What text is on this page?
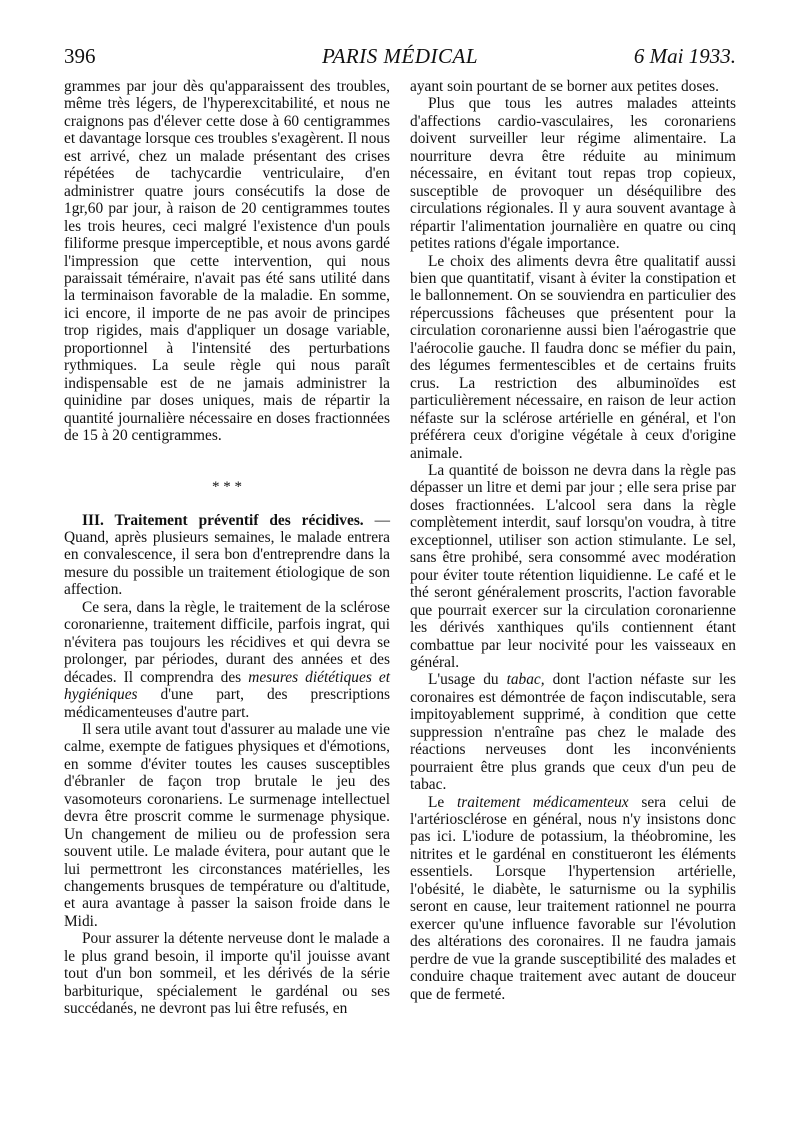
396	PARIS MÉDICAL	6 Mai 1933.

grammes par jour dès qu'apparaissent des troubles, même très légers, de l'hyperexcitabilité, et nous ne craignons pas d'élever cette dose à 60 centigrammes et davantage lorsque ces troubles s'exagèrent. Il nous est arrivé, chez un malade présentant des crises répétées de tachycardie ventriculaire, d'en administrer quatre jours consécutifs la dose de 1gr,60 par jour, à raison de 20 centigrammes toutes les trois heures, ceci malgré l'existence d'un pouls filiforme presque imperceptible, et nous avons gardé l'impression que cette intervention, qui nous paraissait téméraire, n'avait pas été sans utilité dans la terminaison favorable de la maladie. En somme, ici encore, il importe de ne pas avoir de principes trop rigides, mais d'appliquer un dosage variable, proportionnel à l'intensité des perturbations rythmiques. La seule règle qui nous paraît indispensable est de ne jamais administrer la quinidine par doses uniques, mais de répartir la quantité journalière nécessaire en doses fractionnées de 15 à 20 centigrammes.

* * *

III. Traitement préventif des récidives. — Quand, après plusieurs semaines, le malade entrera en convalescence, il sera bon d'entreprendre dans la mesure du possible un traitement étiologique de son affection.

Ce sera, dans la règle, le traitement de la sclérose coronarienne, traitement difficile, parfois ingrat, qui n'évitera pas toujours les récidives et qui devra se prolonger, par périodes, durant des années et des décades. Il comprendra des mesures diététiques et hygiéniques d'une part, des prescriptions médicamenteuses d'autre part.

Il sera utile avant tout d'assurer au malade une vie calme, exempte de fatigues physiques et d'émotions, en somme d'éviter toutes les causes susceptibles d'ébranler de façon trop brutale le jeu des vasomoteurs coronariens. Le surmenage intellectuel devra être proscrit comme le surmenage physique. Un changement de milieu ou de profession sera souvent utile. Le malade évitera, pour autant que le lui permettront les circonstances matérielles, les changements brusques de température ou d'altitude, et aura avantage à passer la saison froide dans le Midi.

Pour assurer la détente nerveuse dont le malade a le plus grand besoin, il importe qu'il jouisse avant tout d'un bon sommeil, et les dérivés de la série barbiturique, spécialement le gardénal ou ses succédanés, ne devront pas lui être refusés, en

ayant soin pourtant de se borner aux petites doses.

Plus que tous les autres malades atteints d'affections cardio-vasculaires, les coronariens doivent surveiller leur régime alimentaire. La nourriture devra être réduite au minimum nécessaire, en évitant tout repas trop copieux, susceptible de provoquer un déséquilibre des circulations régionales. Il y aura souvent avantage à répartir l'alimentation journalière en quatre ou cinq petites rations d'égale importance.

Le choix des aliments devra être qualitatif aussi bien que quantitatif, visant à éviter la constipation et le ballonnement. On se souviendra en particulier des répercussions fâcheuses que présentent pour la circulation coronarienne aussi bien l'aérogastrie que l'aérocolie gauche. Il faudra donc se méfier du pain, des légumes fermentescibles et de certains fruits crus. La restriction des albuminoïdes est particulièrement nécessaire, en raison de leur action néfaste sur la sclérose artérielle en général, et l'on préférera ceux d'origine végétale à ceux d'origine animale.

La quantité de boisson ne devra dans la règle pas dépasser un litre et demi par jour ; elle sera prise par doses fractionnées. L'alcool sera dans la règle complètement interdit, sauf lorsqu'on voudra, à titre exceptionnel, utiliser son action stimulante. Le sel, sans être prohibé, sera consommé avec modération pour éviter toute rétention liquidienne. Le café et le thé seront généralement proscrits, l'action favorable que pourrait exercer sur la circulation coronarienne les dérivés xanthiques qu'ils contiennent étant combattue par leur nocivité pour les vaisseaux en général.

L'usage du tabac, dont l'action néfaste sur les coronaires est démontrée de façon indiscutable, sera impitoyablement supprimé, à condition que cette suppression n'entraîne pas chez le malade des réactions nerveuses dont les inconvénients pourraient être plus grands que ceux d'un peu de tabac.

Le traitement médicamenteux sera celui de l'artériosclérose en général, nous n'y insistons donc pas ici. L'iodure de potassium, la théobromine, les nitrites et le gardénal en constitueront les éléments essentiels. Lorsque l'hypertension artérielle, l'obésité, le diabète, le saturnisme ou la syphilis seront en cause, leur traitement rationnel ne pourra exercer qu'une influence favorable sur l'évolution des altérations des coronaires. Il ne faudra jamais perdre de vue la grande susceptibilité des malades et conduire chaque traitement avec autant de douceur que de fermeté.
